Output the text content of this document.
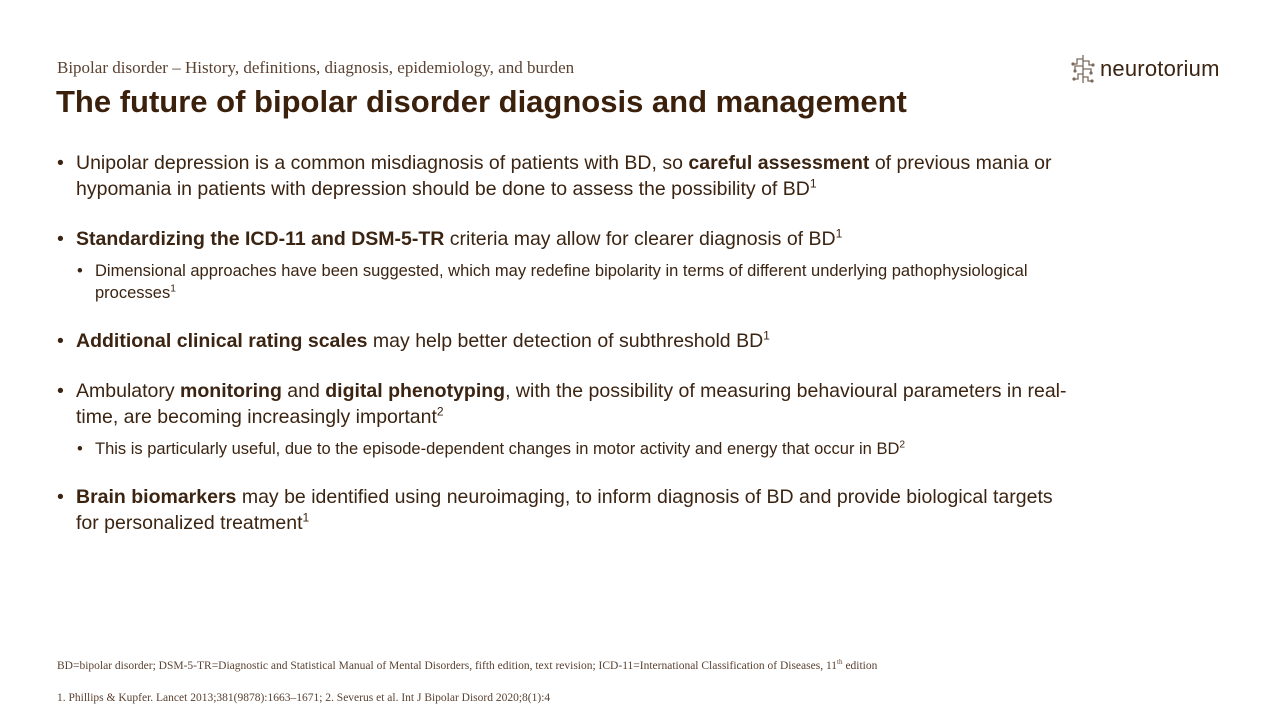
Bipolar disorder – History, definitions, diagnosis, epidemiology, and burden
The future of bipolar disorder diagnosis and management
neurotorium
• Unipolar depression is a common misdiagnosis of patients with BD, so careful assessment of previous mania or hypomania in patients with depression should be done to assess the possibility of $BD^1$
• Standardizing the ICD-11 and DSM-5-TR criteria may allow for clearer diagnosis of $BD^1$
• Dimensional approaches have been suggested, which may redefine bipolarity in terms of different underlying pathophysiological processes$^1$
• Additional clinical rating scales may help better detection of subthreshold $BD^1$
• Ambulatory monitoring and digital phenotyping, with the possibility of measuring behavioural parameters in real-time, are becoming increasingly important$^2$
• This is particularly useful, due to the episode-dependent changes in motor activity and energy that occur in $BD^2$
• Brain biomarkers may be identified using neuroimaging, to inform diagnosis of BD and provide biological targets for personalized treatment$^1$
BD=bipolar disorder; DSM-5-TR=Diagnostic and Statistical Manual of Mental Disorders, fifth edition, text revision; ICD-11=International Classification of Diseases, 11th edition
1. Phillips & Kupfer. Lancet 2013;381(9878):1663–1671; 2. Severus et al. Int J Bipolar Disord 2020;8(1):4
